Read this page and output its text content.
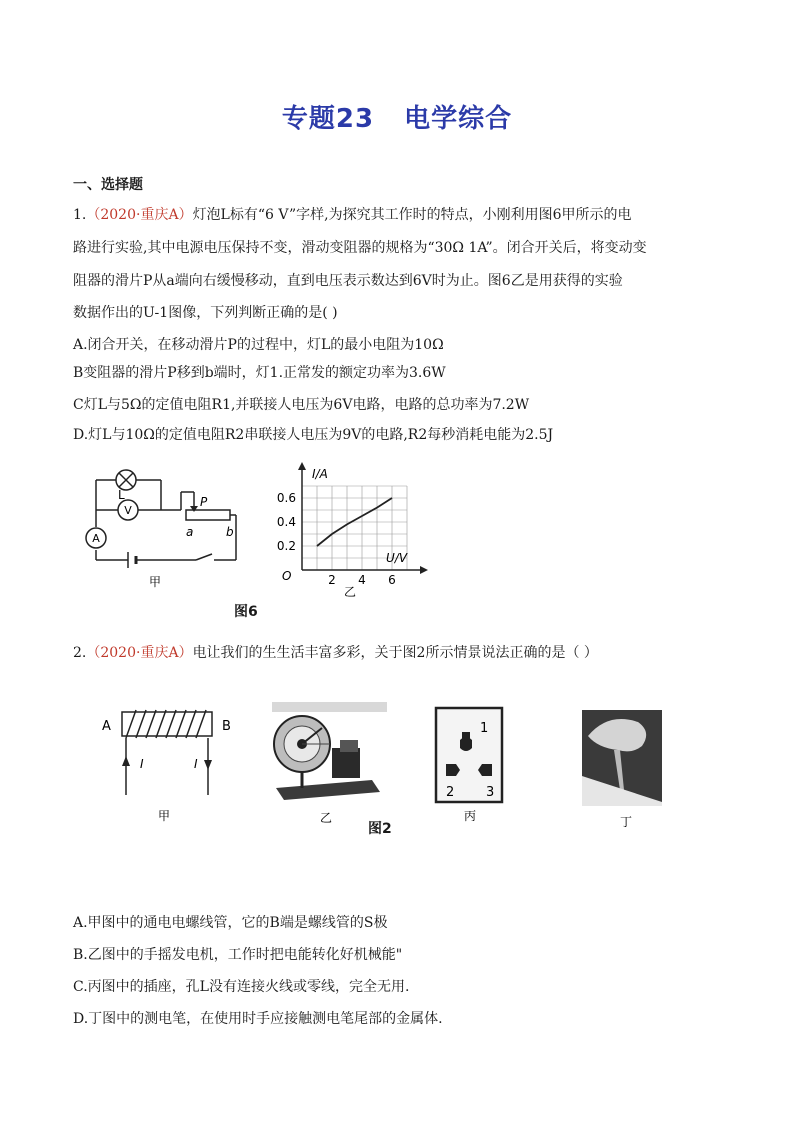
专题23 电学综合
一、选择题
1.（2020·重庆A）灯泡L标有“6 V”字样,为探究其工作时的特点，小刚利用图6甲所示的电
路进行实验,其中电源电压保持不变，滑动变阻器的规格为“30Ω 1A”。闭合开关后，将变动变
阻器的滑片P从a端向右缓慢移动，直到电压表示数达到6V时为止。图6乙是用获得的实验
数据作出的U-1图像，下列判断正确的是( )
A.闭合开关，在移动滑片P的过程中，灯L的最小电阻为10Ω
B变阻器的滑片P移到b端时，灯1.正常发的额定功率为3.6W
C灯L与5Ω的定值电阻R1,并联接人电压为6V电路，电路的总功率为7.2W
D.灯L与10Ω的定值电阻R2串联接人电压为9V的电路,R2每秒消耗电能为2.5J
L
V
A
P
a	b
甲	2 4 6
0.2
0.4
0.6
I/A
U/V
O
乙
图6
2.（2020·重庆A）电让我们的生生活丰富多彩，关于图2所示情景说法正确的是（ ）
A	B
I	I
甲	乙
1
2 3
丙	丁
图2
A.甲图中的通电电螺线管，它的B端是螺线管的S极
B.乙图中的手摇发电机，工作时把电能转化好机械能"
C.丙图中的插座，孔L没有连接火线或零线，完全无用.
D.丁图中的测电笔，在使用时手应接触测电笔尾部的金属体.
